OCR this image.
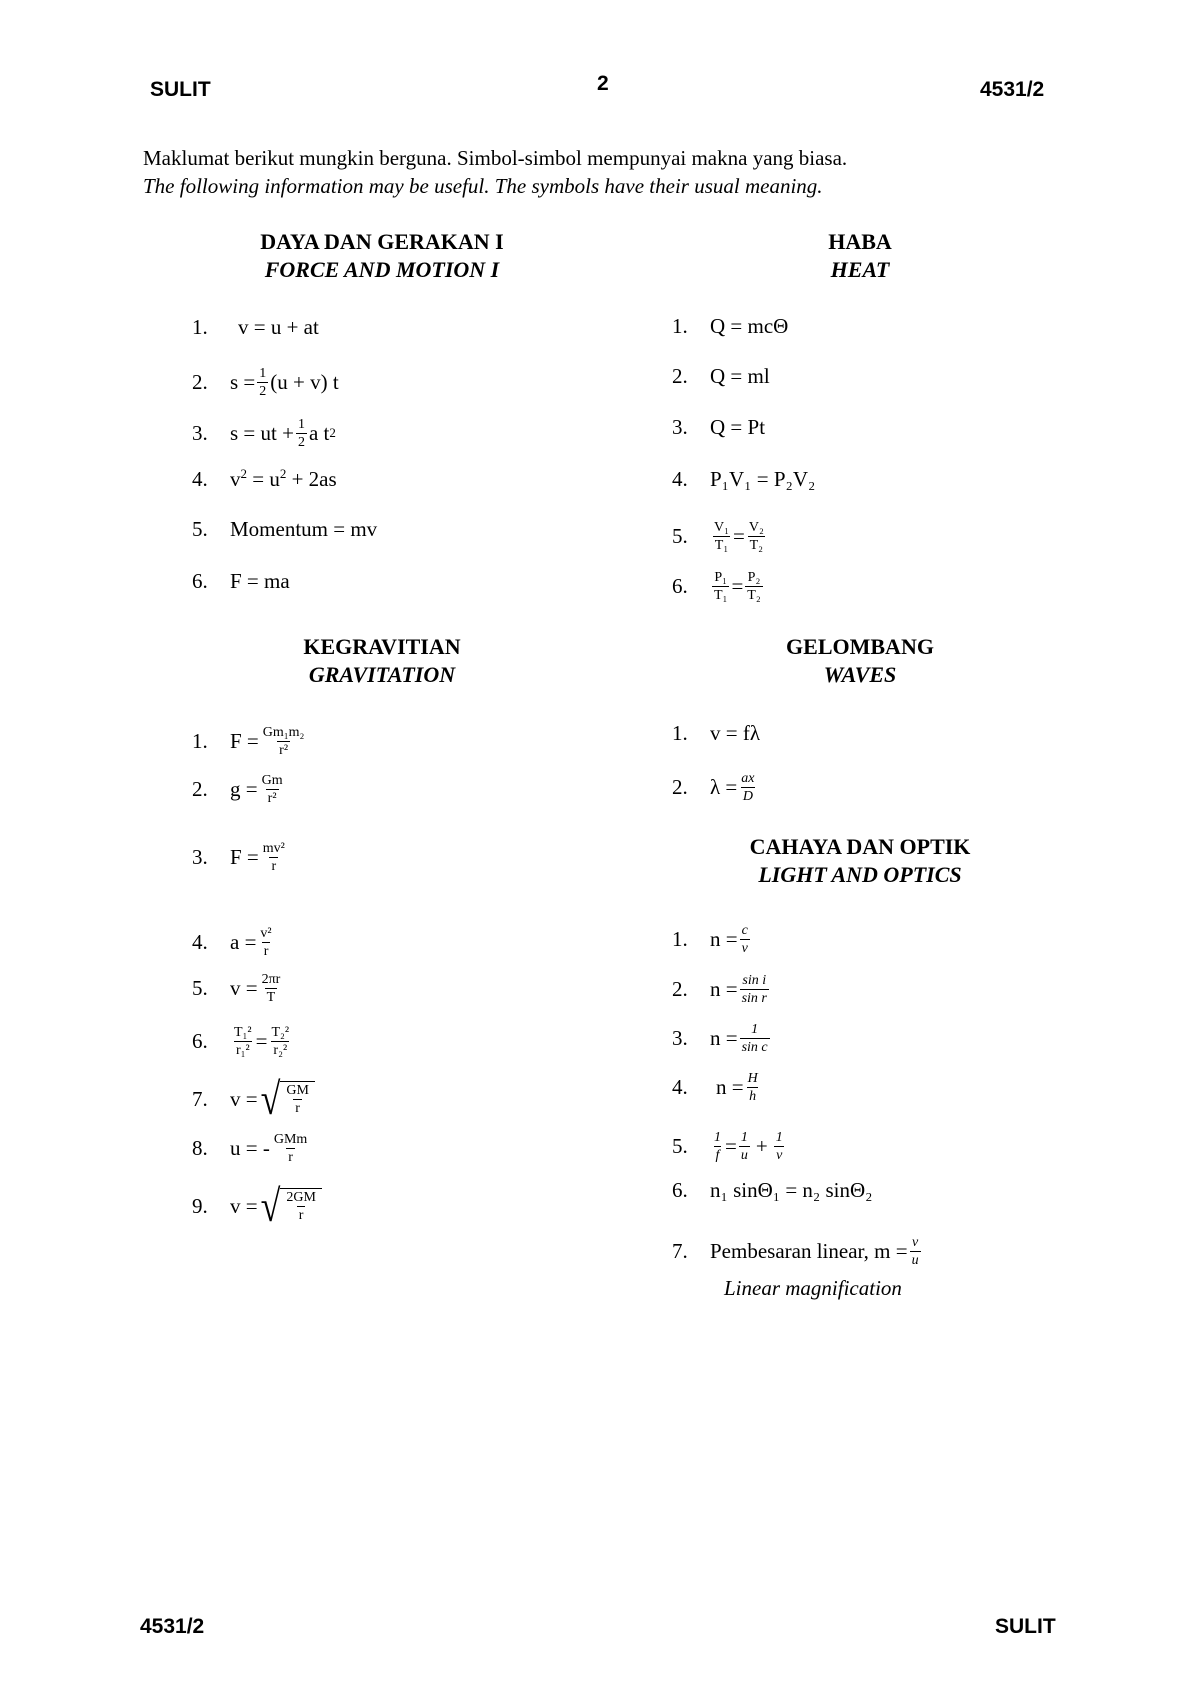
SULIT	2	4531/2
Maklumat berikut mungkin berguna. Simbol-simbol mempunyai makna yang biasa.
The following information may be useful. The symbols have their usual meaning.
DAYA DAN GERAKAN I
FORCE AND MOTION I
HABA
HEAT
KEGRAVITIAN
GRAVITATION
GELOMBANG
WAVES
CAHAYA DAN OPTIK
LIGHT AND OPTICS
1.	v = u + at
2.	$s = \frac{1}{2} (u + v)$ t
3.	s = ut + $\frac{1}{2}$ a t 2
4.	$v^2 = u^2 + 2as$
5.	Momentum = mv
6.	F = ma
1.	Q = mcΘ
2.	Q = ml
3.	Q = Pt
4.	P₁V₁ = P₂V₂
5.	$\frac{\text{V₁}}{\text{T₁}} = \frac{\text{V₂}}{\text{T₂}}$
6.	$\frac{\text{P₁}}{\text{T₁}} = \frac{\text{P₂}}{\text{T₂}}$
1.	$F = \frac{\text{Gm₁m₂}}{\text{r²}}$
2.	$g = \frac{Gm}{\text{r²}}$
3.	$F = \frac{\text{mv²}}{r}$
4.	$a = \frac{\text{v²}}{r}$
5.	$v = \frac{2\pi r}{T}$
6.	$\frac{\text{T₁²}}{\text{r₁²}} = \frac{\text{T₂²}}{\text{r₂²}}$
7.	v = √ $\frac{GM}{r}$
8.	u = - $\frac{\text{GMm}}{r}$
9.	v = √ $\frac{2GM}{r}$
1.	v = fλ
2.	$\lambda = \frac{ax}{D}$
1.	$n = \frac{c}{v}$
2.	$n = \frac{\text{sin i}}{\text{sin r}}$
3.	$n = \frac{1}{\text{sin c}}$
4.	$n = \frac{H}{h}$
5.	$\frac{1}{f} = \frac{1}{u} + \frac{1}{v}$
6.	n₁ sinΘ₁ = n₂ sinΘ₂
7.	Pembesaran linear, $m = \frac{v}{u}$
Linear magnification
4531/2	SULIT
